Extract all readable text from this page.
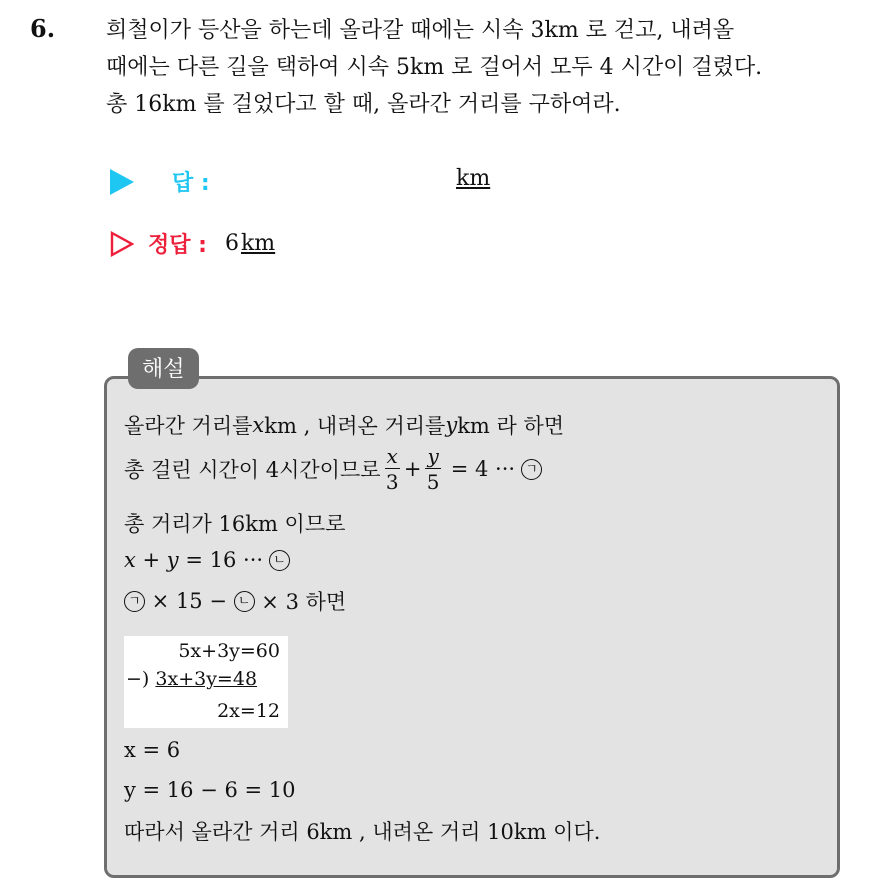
6. 희철이가 등산을 하는데 올라갈 때에는 시속 3km 로 걷고, 내려올
때에는 다른 길을 택하여 시속 5km 로 걸어서 모두 4 시간이 걸렸다.
총 16km 를 걸었다고 할 때, 올라간 거리를 구하여라.
답 :	km
정답 : 6km
해설
올라간 거리를 x km , 내려온 거리를 y km 라 하면
총 걸린 시간이 4시간이므로 $\frac{x}{3} + \frac{y}{5} = 4$ ··· ㄱ
총 거리가 16km 이므로
x + y = 16 ··· ㄴ
ㄱ × 15 − ㄴ × 3 하면
x = 6
y = 16 − 6 = 10
따라서 올라간 거리 6km , 내려온 거리 10km 이다.
5x+3y=60
−) 3x+3y=48
2x=12
